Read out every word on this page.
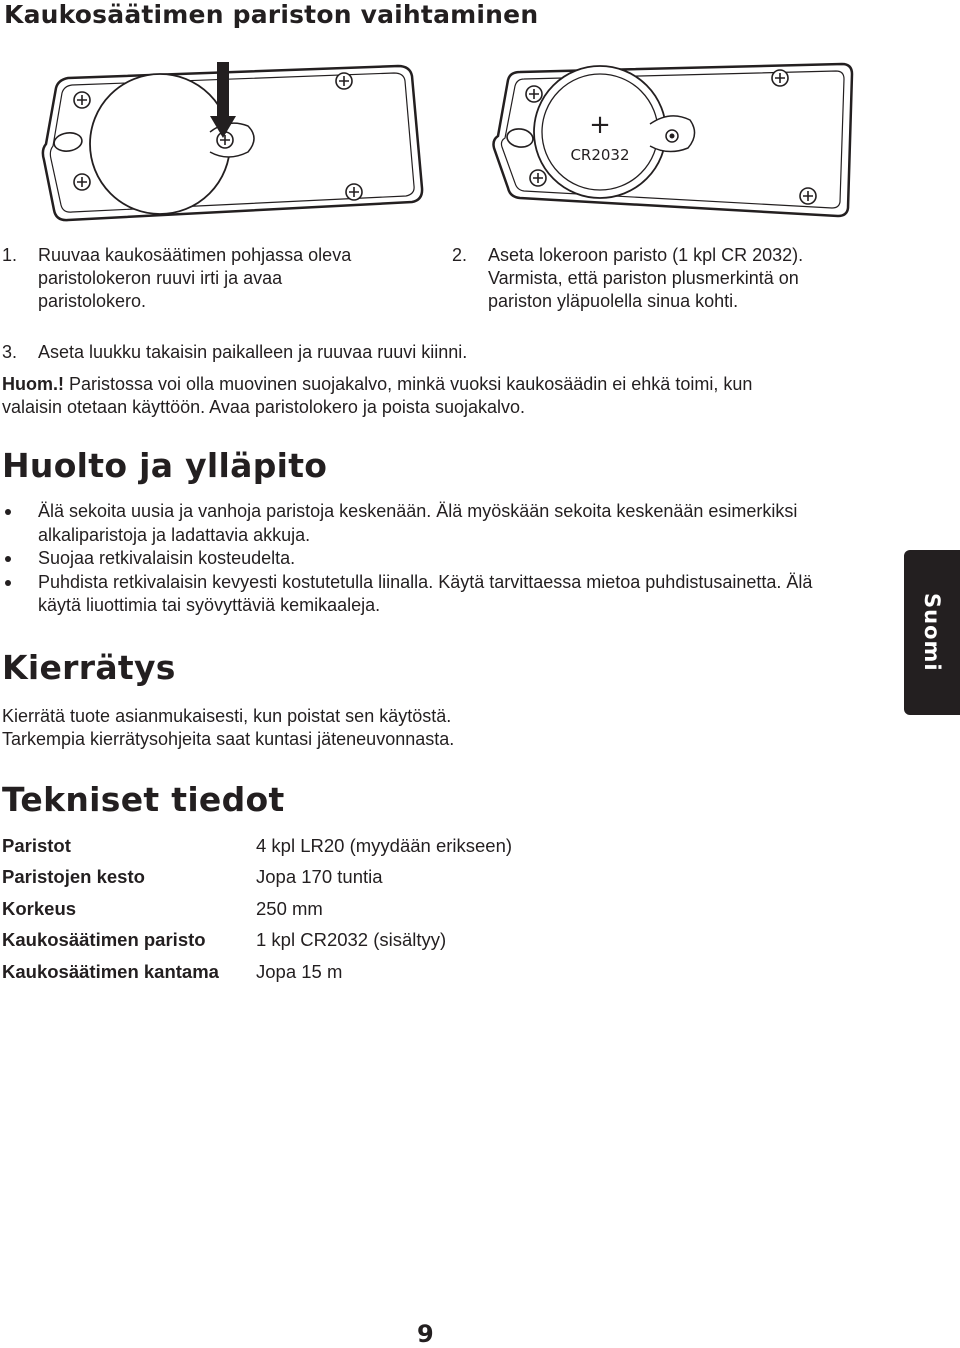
Kaukosäätimen pariston vaihtaminen
+
CR2032
1.	Ruuvaa kaukosäätimen pohjassa oleva paristolokeron ruuvi irti ja avaa paristolokero.
2.	Aseta lokeroon paristo (1 kpl CR 2032). Varmista, että pariston plusmerkintä on pariston yläpuolella sinua kohti.
3.	Aseta luukku takaisin paikalleen ja ruuvaa ruuvi kiinni.
Huom.! Paristossa voi olla muovinen suojakalvo, minkä vuoksi kaukosäädin ei ehkä toimi, kun valaisin otetaan käyttöön. Avaa paristolokero ja poista suojakalvo.
Huolto ja ylläpito
Älä sekoita uusia ja vanhoja paristoja keskenään. Älä myöskään sekoita keskenään esimerkiksi alkaliparistoja ja ladattavia akkuja.
Suojaa retkivalaisin kosteudelta.
Puhdista retkivalaisin kevyesti kostutetulla liinalla. Käytä tarvittaessa mietoa puhdistusainetta. Älä käytä liuottimia tai syövyttäviä kemikaaleja.	Suomi
Kierrätys
Kierrätä tuote asianmukaisesti, kun poistat sen käytöstä.
Tarkempia kierrätysohjeita saat kuntasi jäteneuvonnasta.
Tekniset tiedot
Paristot	4 kpl LR20 (myydään erikseen)
Paristojen kesto	Jopa 170 tuntia
Korkeus	250 mm
Kaukosäätimen paristo	1 kpl CR2032 (sisältyy)
Kaukosäätimen kantama	Jopa 15 m
9
